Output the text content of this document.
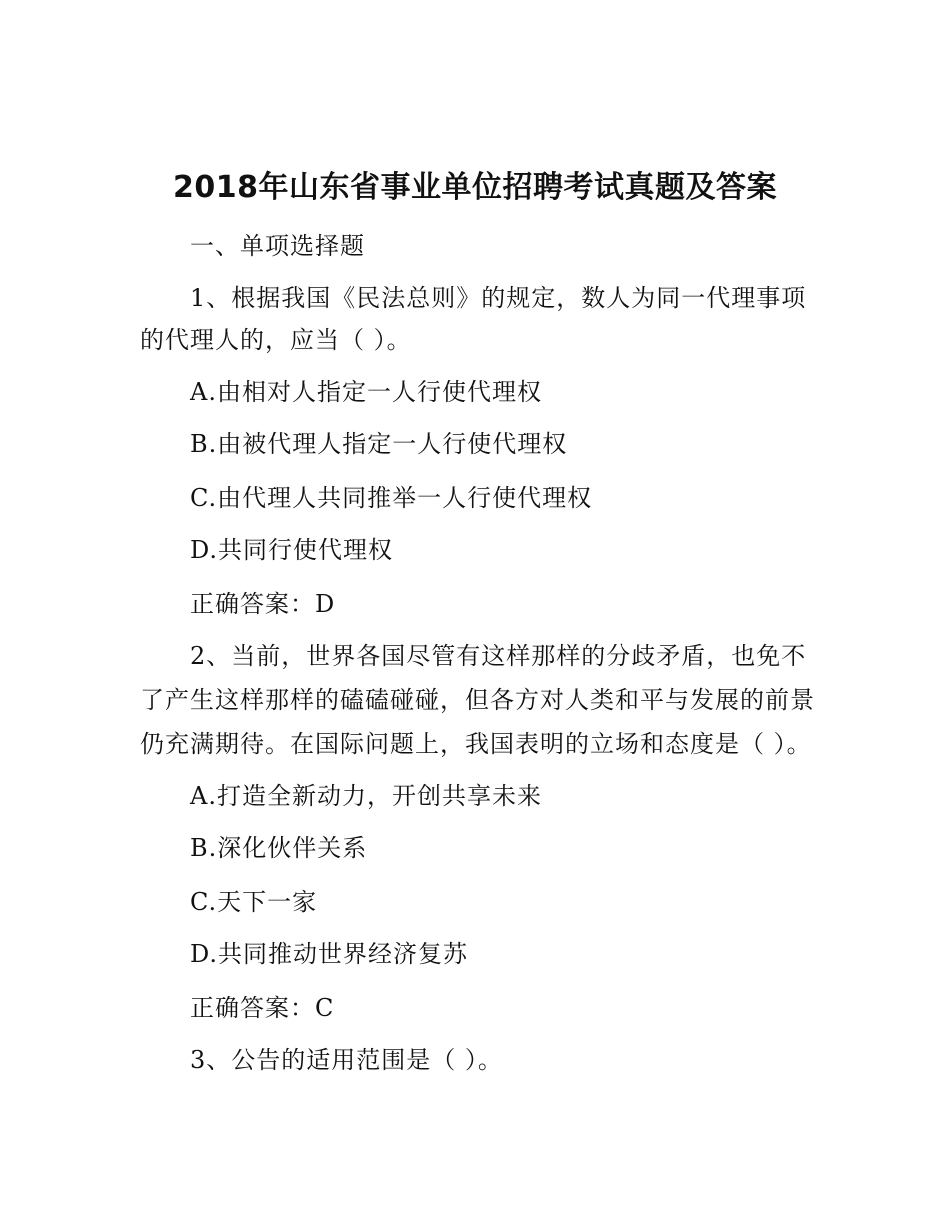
2018年山东省事业单位招聘考试真题及答案
一、单项选择题
1、根据我国《民法总则》的规定，数人为同一代理事项
的代理人的，应当（ ）。
A.由相对人指定一人行使代理权
B.由被代理人指定一人行使代理权
C.由代理人共同推举一人行使代理权
D.共同行使代理权
正确答案：D
2、当前，世界各国尽管有这样那样的分歧矛盾，也免不
了产生这样那样的磕磕碰碰，但各方对人类和平与发展的前景
仍充满期待。在国际问题上，我国表明的立场和态度是（ ）。
A.打造全新动力，开创共享未来
B.深化伙伴关系
C.天下一家
D.共同推动世界经济复苏
正确答案：C
3、公告的适用范围是（ ）。
